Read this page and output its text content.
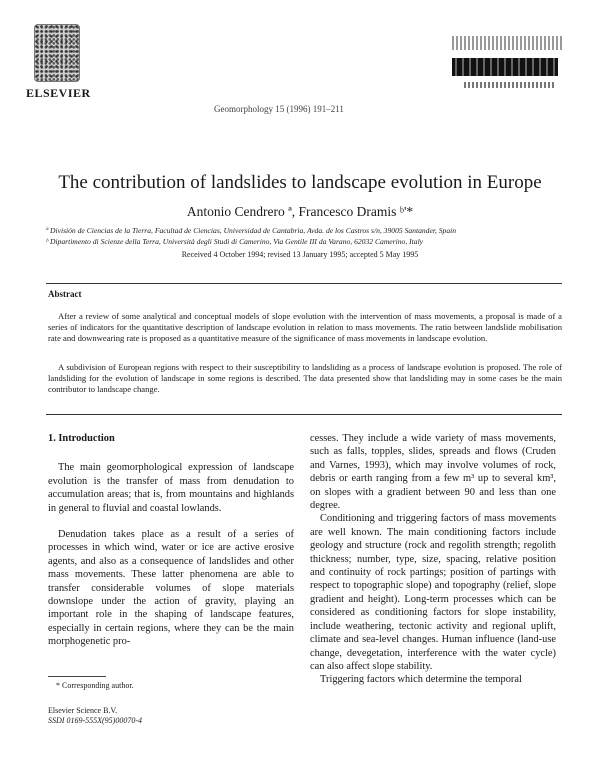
ELSEVIER
Geomorphology 15 (1996) 191–211
The contribution of landslides to landscape evolution in Europe
Antonio Cendrero ª, Francesco Dramis ᵇ'*
ª División de Ciencias de la Tierra, Facultad de Ciencias, Universidad de Cantabria, Avda. de los Castros s/n, 39005 Santander, Spain
ᵇ Dipartimento di Scienze della Terra, Università degli Studi di Camerino, Via Gentile III da Varano, 62032 Camerino, Italy
Received 4 October 1994; revised 13 January 1995; accepted 5 May 1995
Abstract
After a review of some analytical and conceptual models of slope evolution with the intervention of mass movements, a proposal is made of a series of indicators for the quantitative description of landscape evolution in relation to mass movements. The ratio between landslide mobilisation rate and downwearing rate is proposed as a quantitative measure of the significance of mass movements in landscape evolution.
A subdivision of European regions with respect to their susceptibility to landsliding as a process of landscape evolution is proposed. The role of landsliding for the evolution of landscape in some regions is described. The data presented show that landsliding may in some cases be the main contributor to landscape change.
1. Introduction
The main geomorphological expression of landscape evolution is the transfer of mass from denudation to accumulation areas; that is, from mountains and highlands in general to fluvial and coastal lowlands.
Denudation takes place as a result of a series of processes in which wind, water or ice are active erosive agents, and also as a consequence of landslides and other mass movements. These latter phenomena are able to transfer considerable volumes of slope materials downslope under the action of gravity, playing an important role in the shaping of landscape features, especially in certain regions, where they can be the main morphogenetic pro-
cesses. They include a wide variety of mass movements, such as falls, topples, slides, spreads and flows (Cruden and Varnes, 1993), which may involve volumes of rock, debris or earth ranging from a few m³ up to several km³, on slopes with a gradient between 90 and less than one degree.
Conditioning and triggering factors of mass movements are well known. The main conditioning factors include geology and structure (rock and regolith strength; regolith thickness; number, type, size, spacing, relative position and continuity of rock partings; position of partings with respect to topographic slope) and topography (relief, slope gradient and height). Long-term processes which can be considered as conditioning factors for slope instability, include weathering, tectonic activity and regional uplift, climate and sea-level changes. Human influence (land-use change, devegetation, interference with the water cycle) can also affect slope stability.
Triggering factors which determine the temporal
* Corresponding author.
Elsevier Science B.V.
SSDI 0169-555X(95)00070-4
